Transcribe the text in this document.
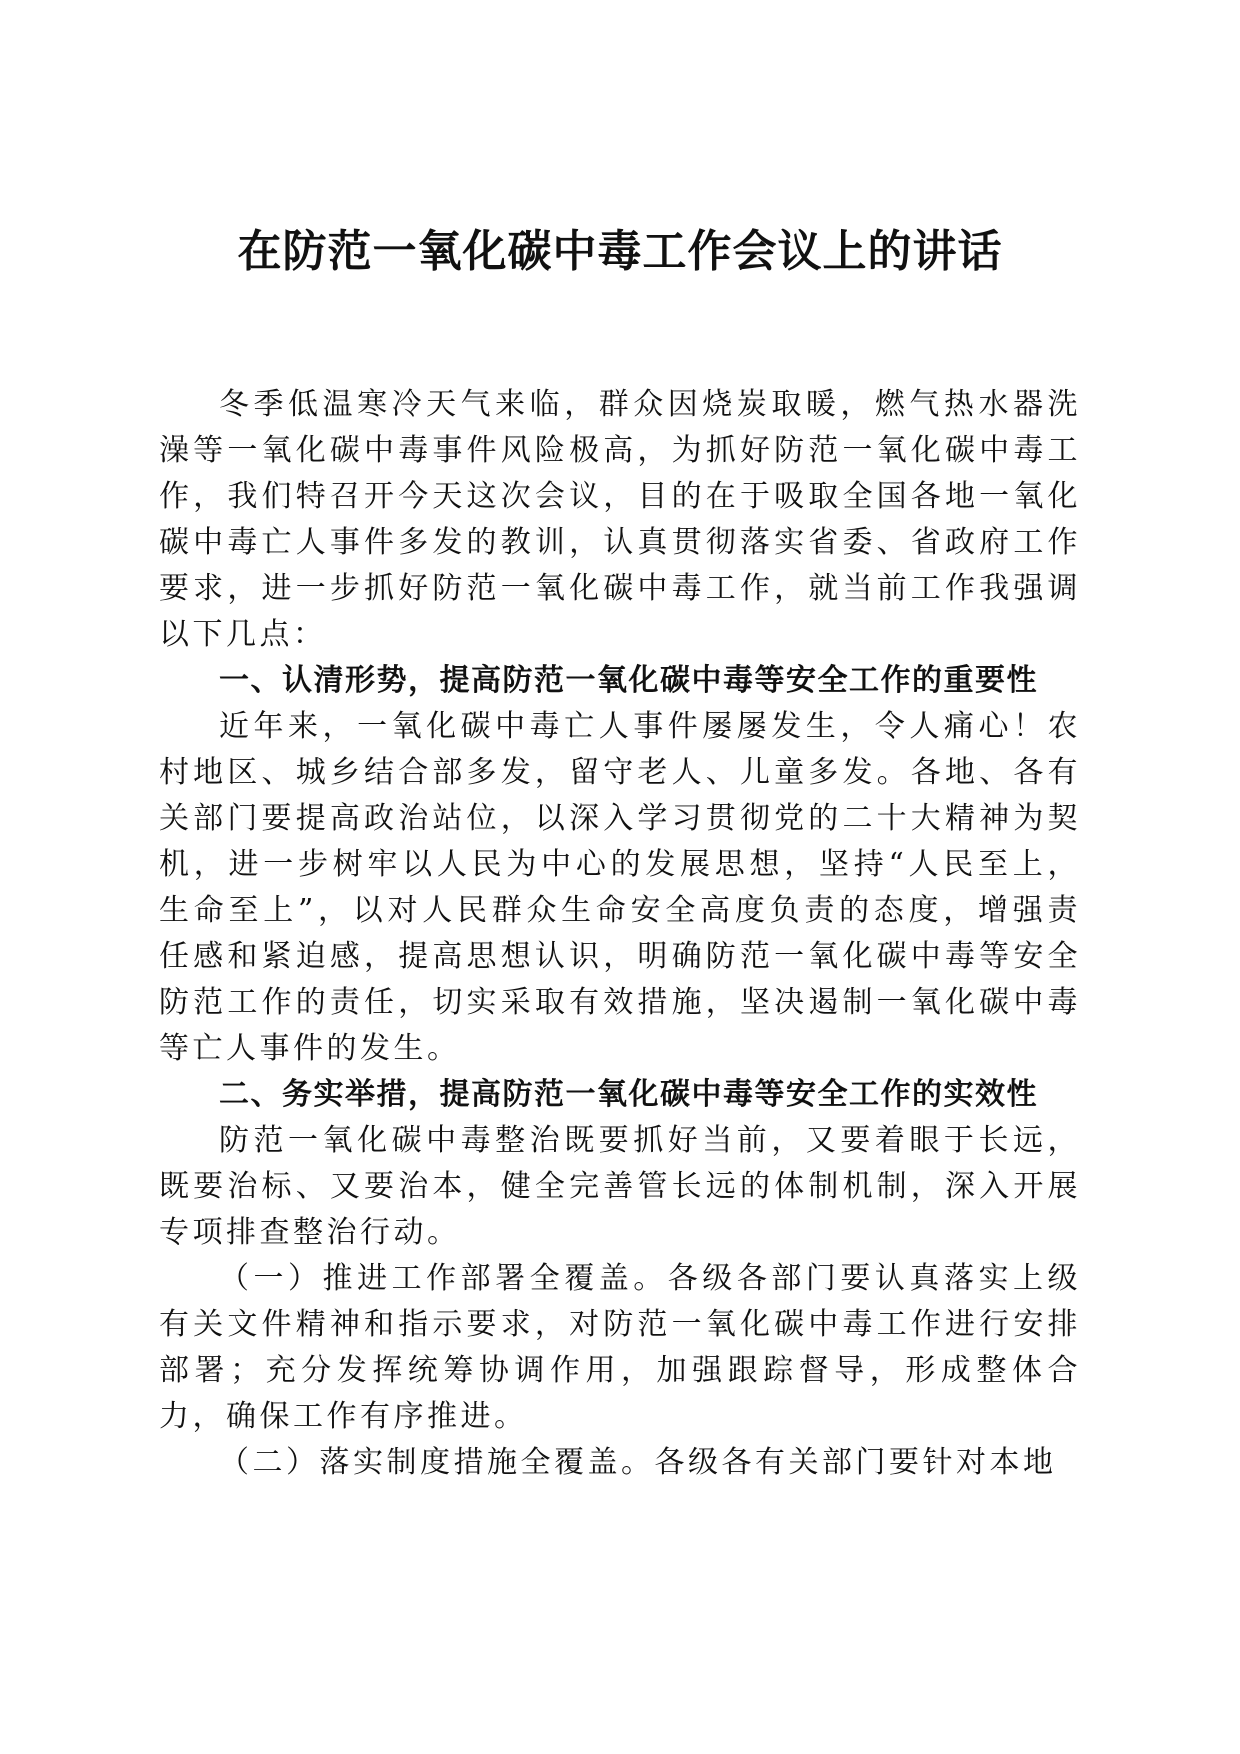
在防范一氧化碳中毒工作会议上的讲话

冬季低温寒冷天气来临，群众因烧炭取暖，燃气热水器洗澡等一氧化碳中毒事件风险极高，为抓好防范一氧化碳中毒工作，我们特召开今天这次会议，目的在于吸取全国各地一氧化碳中毒亡人事件多发的教训，认真贯彻落实省委、省政府工作要求，进一步抓好防范一氧化碳中毒工作，就当前工作我强调以下几点：

一、认清形势，提高防范一氧化碳中毒等安全工作的重要性

近年来，一氧化碳中毒亡人事件屡屡发生，令人痛心！农村地区、城乡结合部多发，留守老人、儿童多发。各地、各有关部门要提高政治站位，以深入学习贯彻党的二十大精神为契机，进一步树牢以人民为中心的发展思想，坚持“人民至上，生命至上”，以对人民群众生命安全高度负责的态度，增强责任感和紧迫感，提高思想认识，明确防范一氧化碳中毒等安全防范工作的责任，切实采取有效措施，坚决遏制一氧化碳中毒等亡人事件的发生。

二、务实举措，提高防范一氧化碳中毒等安全工作的实效性

防范一氧化碳中毒整治既要抓好当前，又要着眼于长远，既要治标、又要治本，健全完善管长远的体制机制，深入开展专项排查整治行动。

（一）推进工作部署全覆盖。各级各部门要认真落实上级有关文件精神和指示要求，对防范一氧化碳中毒工作进行安排部署；充分发挥统筹协调作用，加强跟踪督导，形成整体合力，确保工作有序推进。

（二）落实制度措施全覆盖。各级各有关部门要针对本地
